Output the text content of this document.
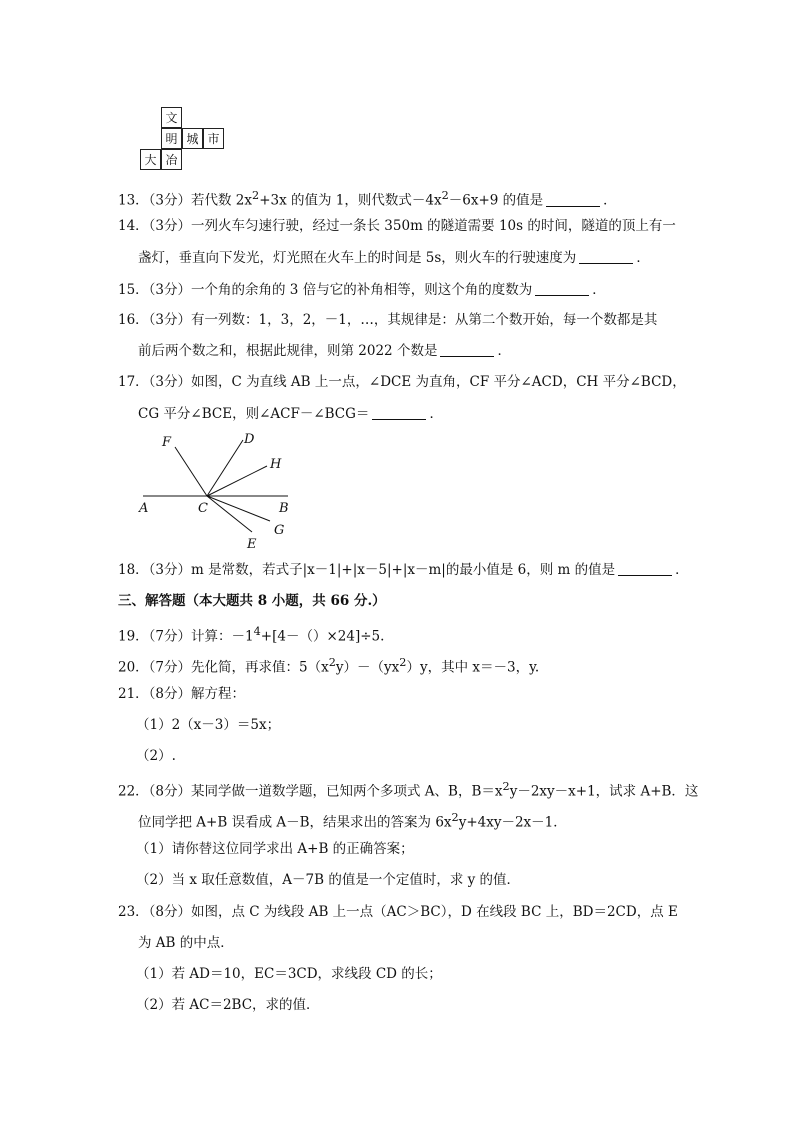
文
明 城 市
大 冶
13．（3分）若代数 $2x^2+3x$ 的值为 1，则代数式$-4x^2-6x+9$ 的值是	．
14．（3分）一列火车匀速行驶，经过一条长 350m 的隧道需要 10s 的时间，隧道的顶上有一
盏灯，垂直向下发光，灯光照在火车上的时间是 5s，则火车的行驶速度为	．
15．（3分）一个角的余角的 3 倍与它的补角相等，则这个角的度数为	．
16．（3分）有一列数：1，3，2，－1，…，其规律是：从第二个数开始，每一个数都是其
前后两个数之和，根据此规律，则第 2022 个数是	．
17．（3分）如图，C 为直线 AB 上一点，∠DCE 为直角，CF 平分∠ACD，CH 平分∠BCD，
CG 平分∠BCE，则∠ACF－∠BCG＝	．
F	D
H
A	C	B
G
E
18．（3分）m 是常数，若式子|x－1|+|x－5|+|x－m|的最小值是 6，则 m 的值是	．
三、解答题（本大题共 8 小题，共 66 分.）
19．（7分）计算：$-1^4+[4-()\times 24]\div 5$.
20．（7分）先化简，再求值：$5(x^2y)-(yx^2)y$，其中 x＝－3，y.
21．（8分）解方程：
（1）2（x－3）＝5x；
（2）.
22．（8分）某同学做一道数学题，已知两个多项式 A、B，$B=x^2y-2xy-x+1$，试求 A+B．这
位同学把 A+B 误看成 A－B，结果求出的答案为 $6x^2y+4xy-2x-1$．
（1）请你替这位同学求出 A+B 的正确答案；
（2）当 x 取任意数值，A－7B 的值是一个定值时，求 y 的值．
23．（8分）如图，点 C 为线段 AB 上一点（AC＞BC），D 在线段 BC 上，BD＝2CD，点 E
为 AB 的中点．
（1）若 AD＝10，EC＝3CD，求线段 CD 的长；
（2）若 AC＝2BC，求的值．
